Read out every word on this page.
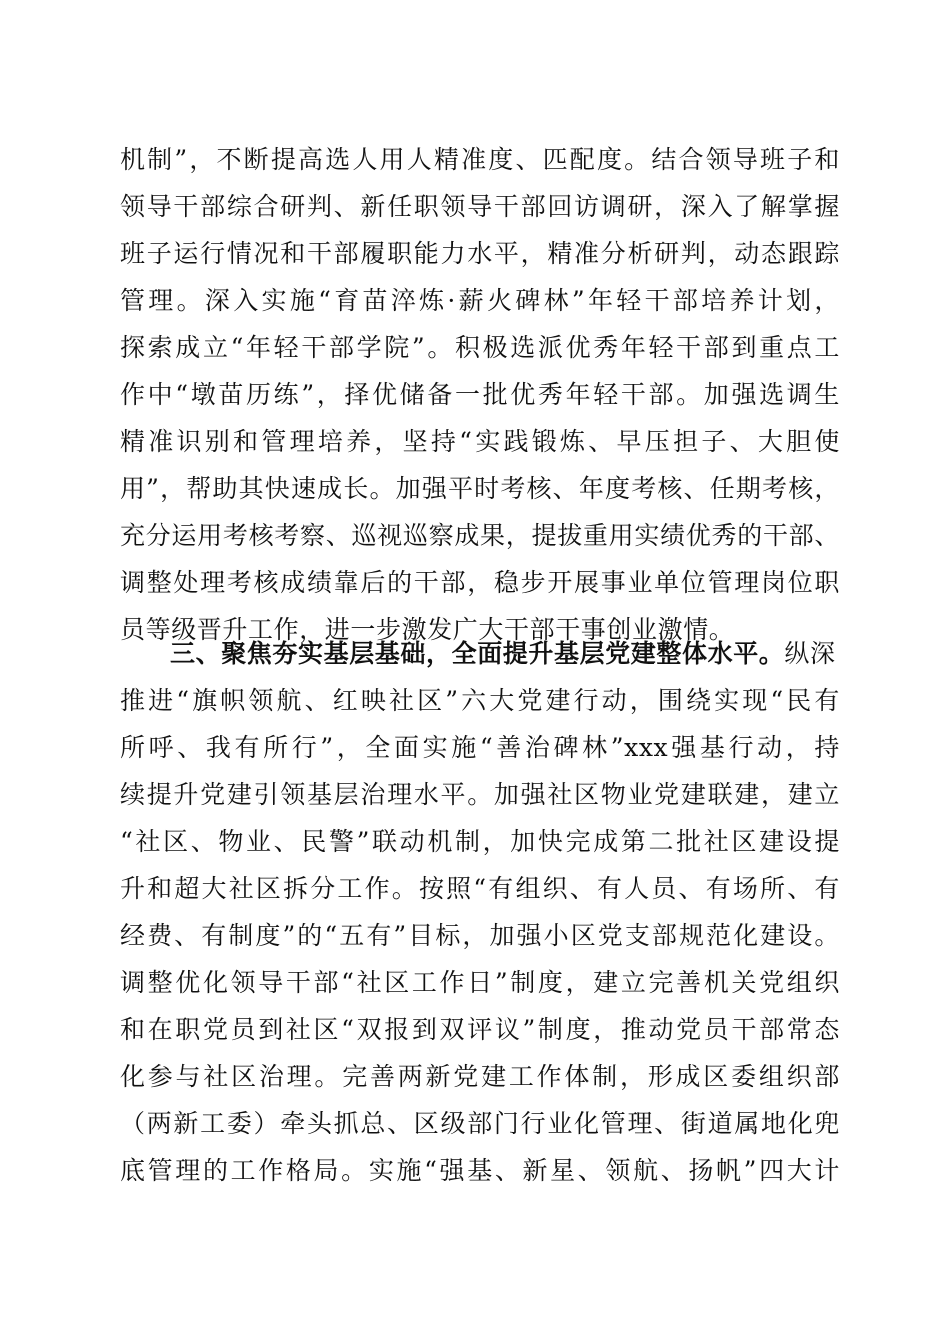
机制”，不断提高选人用人精准度、匹配度。结合领导班子和
领导干部综合研判、新任职领导干部回访调研，深入了解掌握
班子运行情况和干部履职能力水平，精准分析研判，动态跟踪
管理。深入实施“育苗淬炼·薪火碑林”年轻干部培养计划，
探索成立“年轻干部学院”。积极选派优秀年轻干部到重点工
作中“墩苗历练”，择优储备一批优秀年轻干部。加强选调生
精准识别和管理培养，坚持“实践锻炼、早压担子、大胆使
用”，帮助其快速成长。加强平时考核、年度考核、任期考核，
充分运用考核考察、巡视巡察成果，提拔重用实绩优秀的干部、
调整处理考核成绩靠后的干部，稳步开展事业单位管理岗位职
员等级晋升工作，进一步激发广大干部干事创业激情。
三、聚焦夯实基层基础，全面提升基层党建整体水平。纵深
推进“旗帜领航、红映社区”六大党建行动，围绕实现“民有
所呼、我有所行”，全面实施“善治碑林”xxx强基行动，持
续提升党建引领基层治理水平。加强社区物业党建联建，建立
“社区、物业、民警”联动机制，加快完成第二批社区建设提
升和超大社区拆分工作。按照“有组织、有人员、有场所、有
经费、有制度”的“五有”目标，加强小区党支部规范化建设。
调整优化领导干部“社区工作日”制度，建立完善机关党组织
和在职党员到社区“双报到双评议”制度，推动党员干部常态
化参与社区治理。完善两新党建工作体制，形成区委组织部
（两新工委）牵头抓总、区级部门行业化管理、街道属地化兜
底管理的工作格局。实施“强基、新星、领航、扬帆”四大计
